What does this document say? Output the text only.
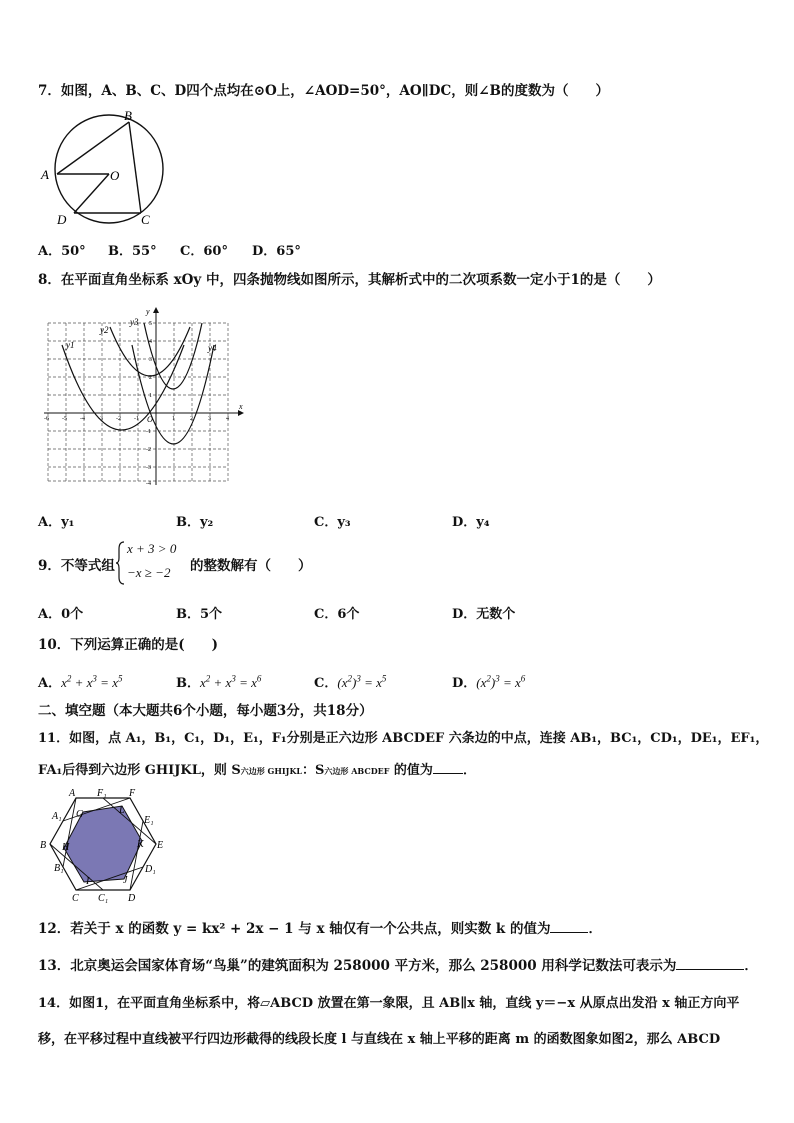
7．如图，A、B、C、D四个点均在⊙O上，∠AOD=50°，AO∥DC，则∠B的度数为（　　）
A
B
O
D	C
A．50° B．55° C．60° D．65°
8．在平面直角坐标系 xOy 中，四条抛物线如图所示，其解析式中的二次项系数一定小于1的是（　　）
x
y
O
-6 -5 -4 -3 -2 -1	1	2	3	4
5
4
3
2
1
-1
-2
-3
-4
y1
y2
y3
y4
A．y₁	B．y₂	C．y₃	D．y₄
9．不等式组
x + 3 > 0
−x ≥ −2 的整数解有（　　）
A．0个	B．5个	C．6个	D．无数个
10．下列运算正确的是(　　)
A．$x^2 + x^3 = x^5$	B．$x^2 + x^3 = x^6$	C．$(x^2)^3 = x^5$	D．$(x^2)^3 = x^6$
二、填空题（本大题共6个小题，每小题3分，共18分）
11．如图，点 A₁，B₁，C₁，D₁，E₁，F₁分别是正六边形 ABCDEF 六条边的中点，连接 AB₁，BC₁，CD₁，DE₁，EF₁，
FA₁后得到六边形 GHIJKL，则 S六边形 GHIJKL：S六边形 ABCDEF 的值为 ．
A F₁ F
A₁ G	L
E₁
B H	K E
B₁	D₁
I	J
C C₁ D
12．若关于 x 的函数 y = kx² + 2x − 1 与 x 轴仅有一个公共点，则实数 k 的值为	．
13．北京奥运会国家体育场“鸟巢”的建筑面积为 258000 平方米，那么 258000 用科学记数法可表示为	．
14．如图1，在平面直角坐标系中，将▱ABCD 放置在第一象限，且 AB∥x 轴，直线 y＝−x 从原点出发沿 x 轴正方向平
移，在平移过程中直线被平行四边形截得的线段长度 l 与直线在 x 轴上平移的距离 m 的函数图象如图2，那么 ABCD
